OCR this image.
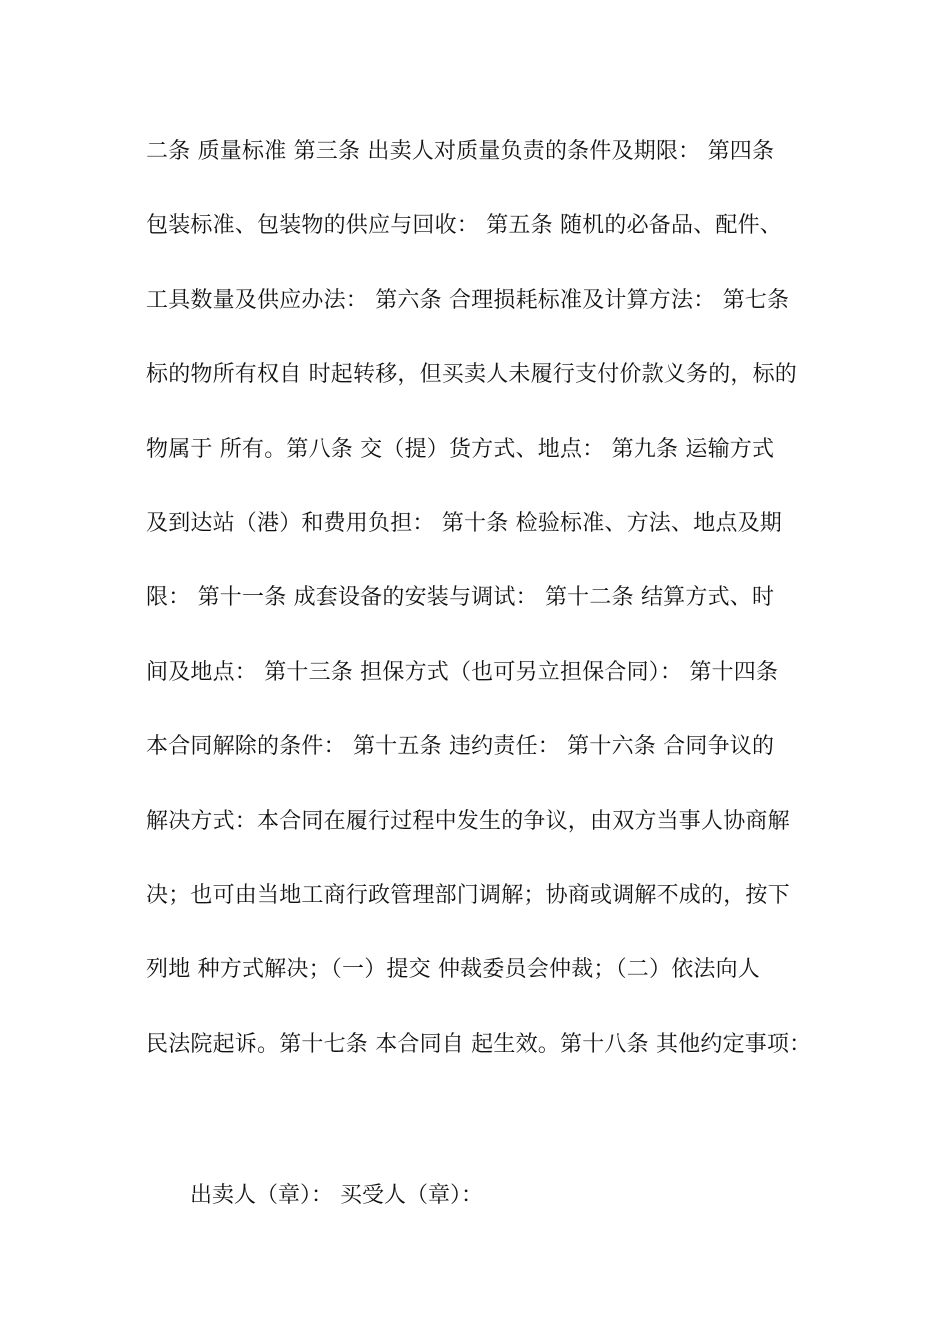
二条 质量标准 第三条 出卖人对质量负责的条件及期限： 第四条
包装标准、包装物的供应与回收： 第五条 随机的必备品、配件、
工具数量及供应办法： 第六条 合理损耗标准及计算方法： 第七条
标的物所有权自 时起转移，但买卖人未履行支付价款义务的，标的
物属于 所有。第八条 交（提）货方式、地点： 第九条 运输方式
及到达站（港）和费用负担： 第十条 检验标准、方法、地点及期
限： 第十一条 成套设备的安装与调试： 第十二条 结算方式、时
间及地点： 第十三条 担保方式（也可另立担保合同）： 第十四条
本合同解除的条件： 第十五条 违约责任： 第十六条 合同争议的
解决方式：本合同在履行过程中发生的争议，由双方当事人协商解
决；也可由当地工商行政管理部门调解；协商或调解不成的，按下
列地 种方式解决；（一）提交 仲裁委员会仲裁；（二）依法向人
民法院起诉。第十七条 本合同自 起生效。第十八条 其他约定事项：
出卖人（章）： 买受人（章）：
